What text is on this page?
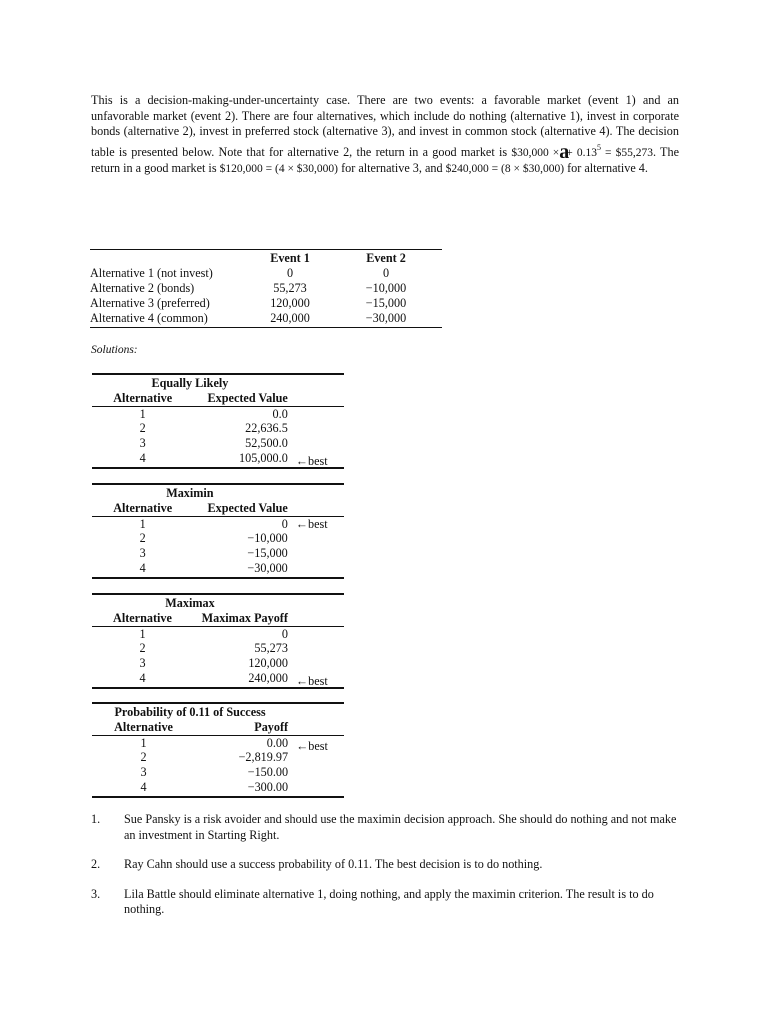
This is a decision-making-under-uncertainty case. There are two events: a favorable market (event 1) and an unfavorable market (event 2). There are four alternatives, which include do nothing (alternative 1), invest in corporate bonds (alternative 2), invest in preferred stock (alternative 3), and invest in common stock (alternative 4). The decision table is presented below. Note that for alternative 2, the return in a good market is $30,000 $\times a+ 0.13^5$ = $55,273. The return in a good market is $120,000 = (4 × $30,000) for alternative 3, and $240,000 = (8 × $30,000) for alternative 4.

	Event 1	Event 2
Alternative 1 (not invest)	0	0
Alternative 2 (bonds)	55,273	−10,000
Alternative 3 (preferred)	120,000	−15,000
Alternative 4 (common)	240,000	−30,000

Solutions:

Equally Likely		
Alternative	Expected Value	
1	0.0	
2	22,636.5	
3	52,500.0	
4	105,000.0	←best
Maximin		
Alternative	Expected Value	
1	0	←best
2	−10,000	
3	−15,000	
4	−30,000	
Maximax		
Alternative	Maximax Payoff	
1	0	
2	55,273	
3	120,000	
4	240,000	←best
Probability of 0.11 of Success		
Alternative	Payoff	
1	0.00	←best
2	−2,819.97	
3	−150.00	
4	−300.00	
1.	Sue Pansky is a risk avoider and should use the maximin decision approach. She should do nothing and not make an investment in Starting Right.
2.	Ray Cahn should use a success probability of 0.11. The best decision is to do nothing.
3.	Lila Battle should eliminate alternative 1, doing nothing, and apply the maximin criterion. The result is to do nothing.
